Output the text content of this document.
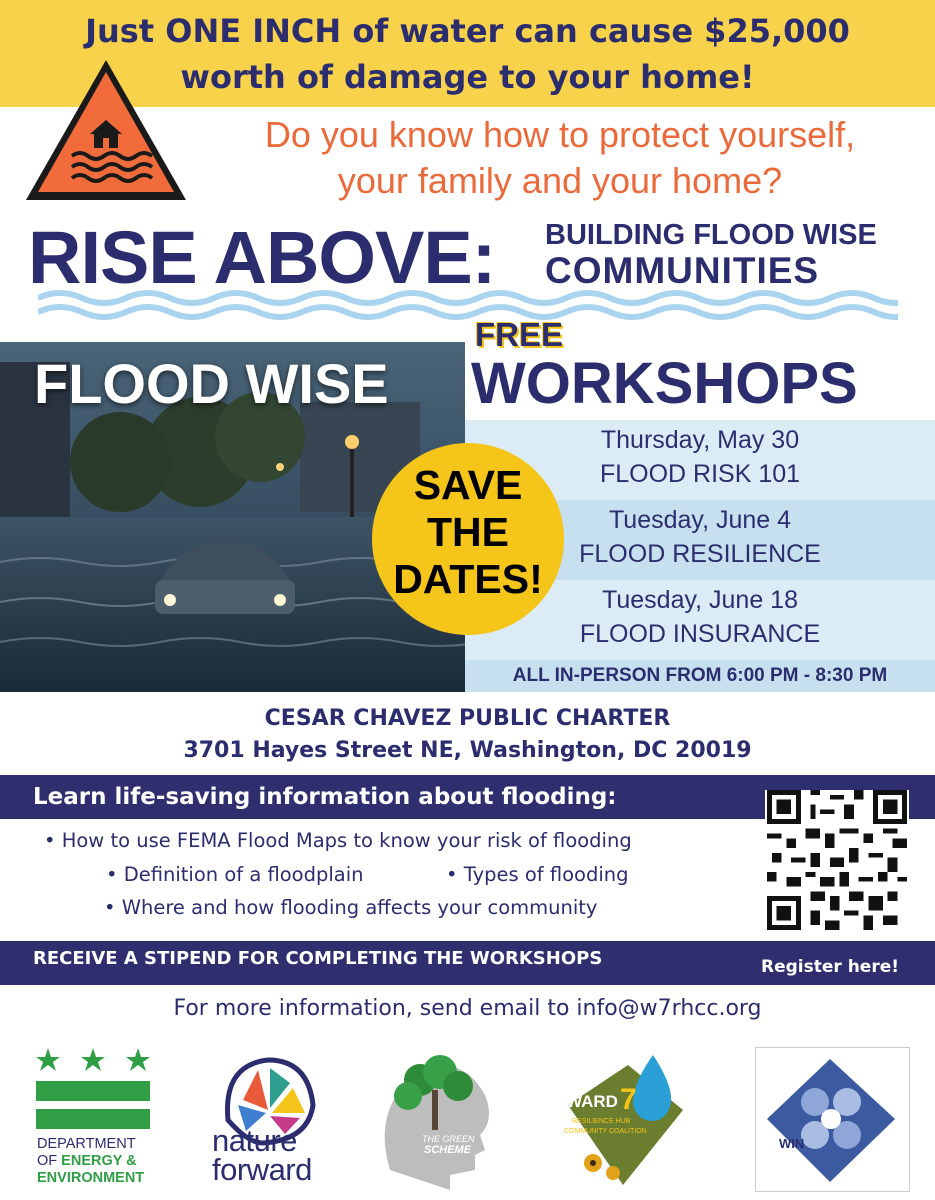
Just ONE INCH of water can cause $25,000
worth of damage to your home!
Do you know how to protect yourself,
your family and your home?
RISE ABOVE: BUILDING FLOOD WISE
COMMUNITIES
FLOOD WISE
FREE
WORKSHOPS
Thursday, May 30
FLOOD RISK 101
Tuesday, June 4
FLOOD RESILIENCE
Tuesday, June 18
FLOOD INSURANCE
ALL IN-PERSON FROM 6:00 PM - 8:30 PM
SAVE
THE
DATES!
CESAR CHAVEZ PUBLIC CHARTER
3701 Hayes Street NE, Washington, DC 20019
Learn life-saving information about flooding:
• How to use FEMA Flood Maps to know your risk of flooding
• Definition of a floodplain	• Types of flooding
• Where and how flooding affects your community
RECEIVE A STIPEND FOR COMPLETING THE WORKSHOPS	Register here!
For more information, send email to info@w7rhcc.org
DEPARTMENT
OF ENERGY &
ENVIRONMENT
nature
forward
THE GREEN
SCHEME
WARD 7
RESILIENCE HUB
COMMUNITY COALITION
WIN
